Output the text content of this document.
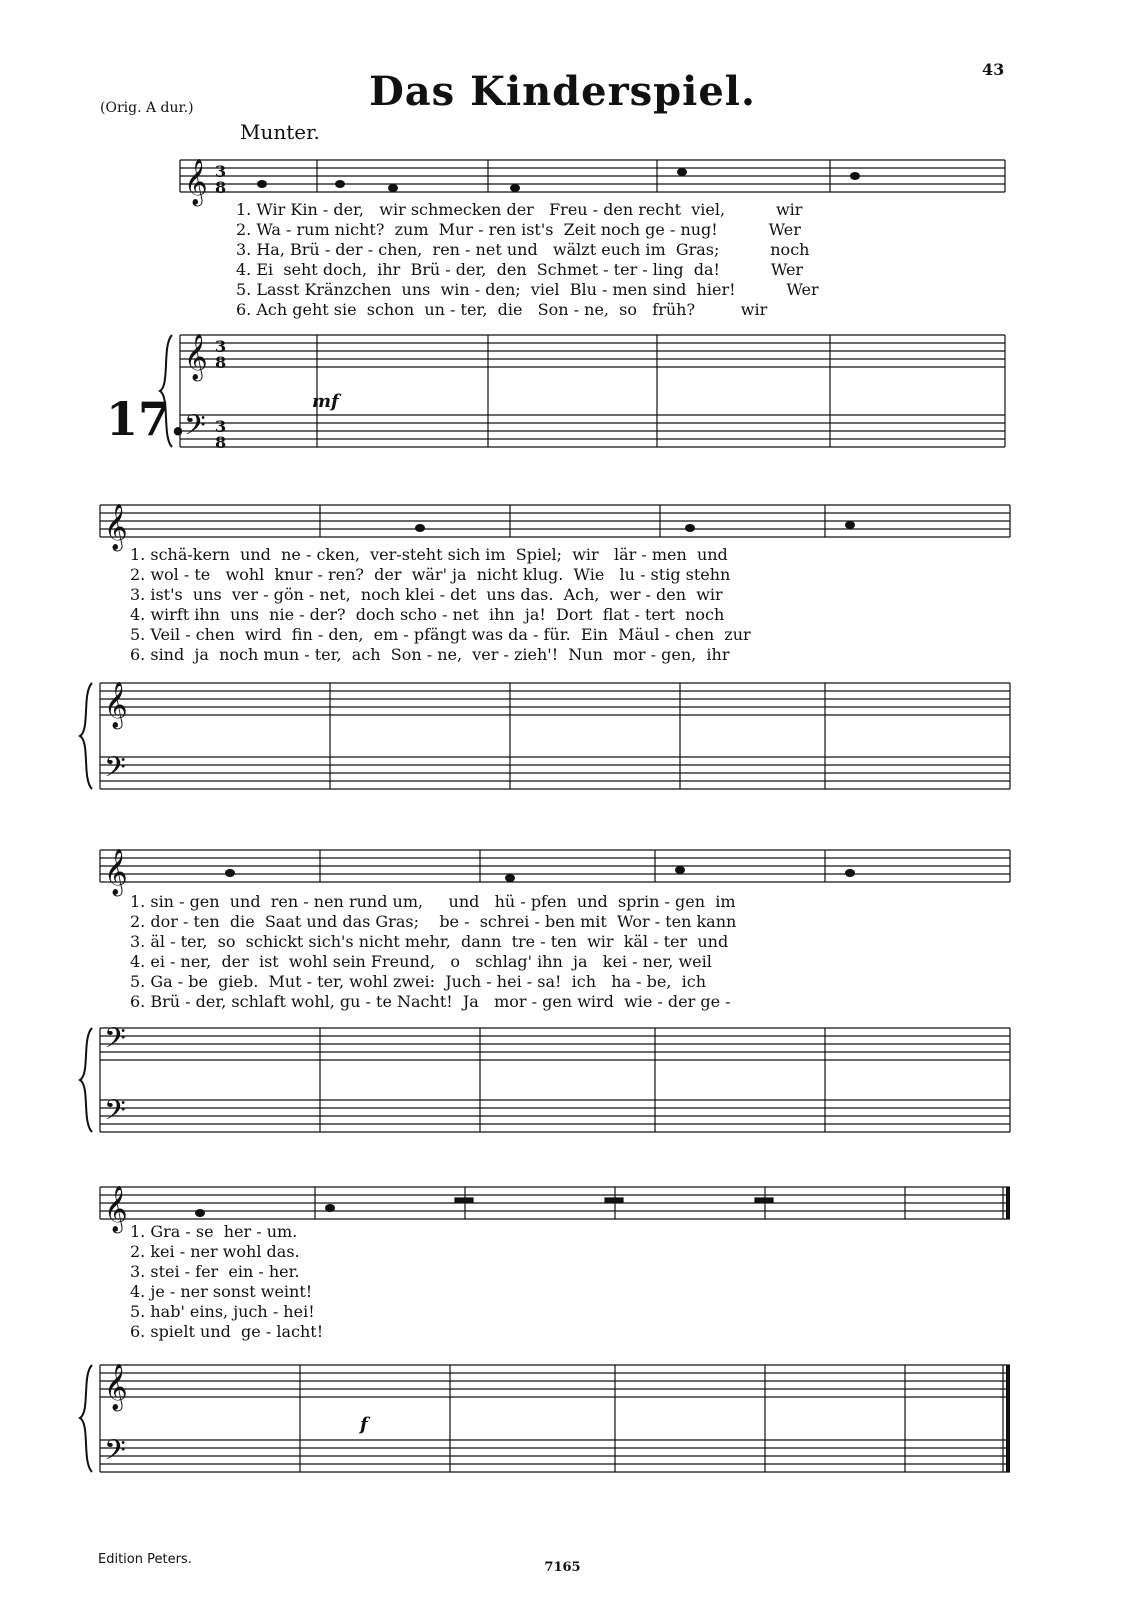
(Orig. A dur.)	Das Kinderspiel.	43
Munter.
17.
𝄞 3
8
𝄞 3
8
𝄢 3
8
𝄞
𝄞
𝄢
𝄞
𝄢
𝄢
𝄞
𝄞
𝄢
mf
f
1. Wir Kin - der,   wir schmecken der   Freu - den recht  viel,          wir
2. Wa - rum nicht?  zum  Mur - ren ist's  Zeit noch ge - nug!          Wer
3. Ha, Brü - der - chen,  ren - net und   wälzt euch im  Gras;          noch
4. Ei  seht doch,  ihr  Brü - der,  den  Schmet - ter - ling  da!          Wer
5. Lasst Kränzchen  uns  win - den;  viel  Blu - men sind  hier!          Wer
6. Ach geht sie  schon  un - ter,  die   Son - ne,  so   früh?         wir
1. schä-kern  und  ne - cken,  ver-steht sich im  Spiel;  wir   lär - men  und
2. wol - te   wohl  knur - ren?  der  wär' ja  nicht klug.  Wie   lu - stig stehn
3. ist's  uns  ver - gön - net,  noch klei - det  uns das.  Ach,  wer - den  wir
4. wirft ihn  uns  nie - der?  doch scho - net  ihn  ja!  Dort  flat - tert  noch
5. Veil - chen  wird  fin - den,  em - pfängt was da - für.  Ein  Mäul - chen  zur
6. sind  ja  noch mun - ter,  ach  Son - ne,  ver - zieh'!  Nun  mor - gen,  ihr
1. sin - gen  und  ren - nen rund um,     und   hü - pfen  und  sprin - gen  im
2. dor - ten  die  Saat und das Gras;    be -  schrei - ben mit  Wor - ten kann
3. äl - ter,  so  schickt sich's nicht mehr,  dann  tre - ten  wir  käl - ter  und
4. ei - ner,  der  ist  wohl sein Freund,   o   schlag' ihn  ja   kei - ner, weil
5. Ga - be  gieb.  Mut - ter, wohl zwei:  Juch - hei - sa!  ich   ha - be,  ich
6. Brü - der, schlaft wohl, gu - te Nacht!  Ja   mor - gen wird  wie - der ge -
1. Gra - se  her - um.
2. kei - ner wohl das.
3. stei - fer  ein - her.
4. je - ner sonst weint!
5. hab' eins, juch - hei!
6. spielt und  ge - lacht!
Edition Peters.
7165
